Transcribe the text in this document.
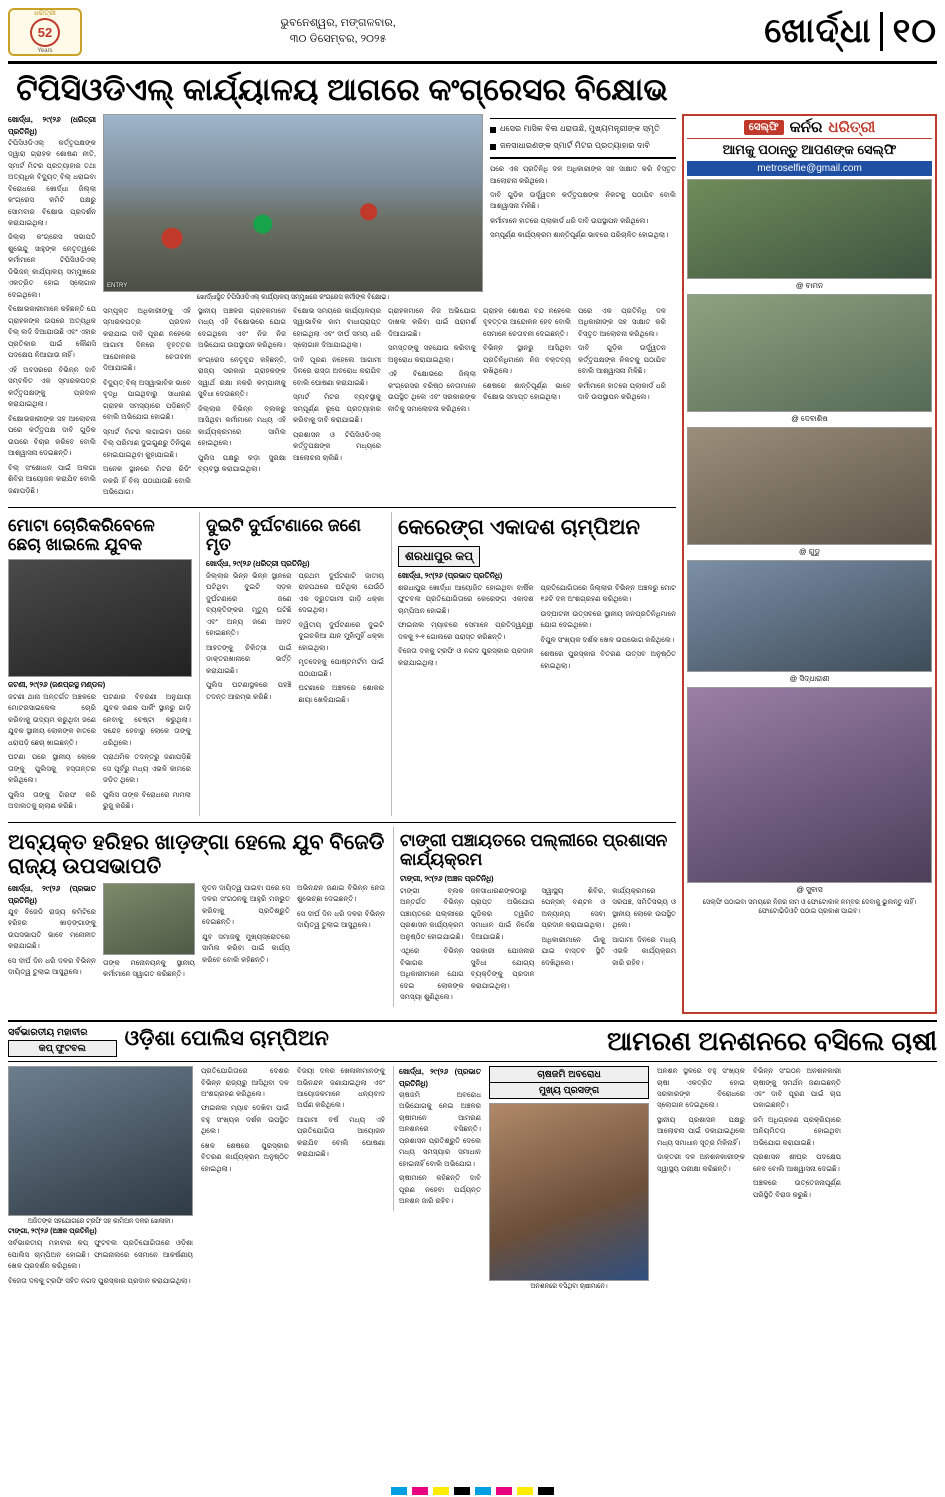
ଧରିତ୍ରୀ
52
Years
ଭୁବନେଶ୍ୱର, ମଙ୍ଗଳବାର,
୩୦ ଡିସେମ୍ବର, ୨୦୨୫	ଖୋର୍ଦ୍ଧା ୧୦
ଟିପିସିଓଡିଏଲ୍ କାର୍ଯ୍ୟାଳୟ ଆଗରେ କଂଗ୍ରେସର ବିକ୍ଷୋଭ
ଖୋର୍ଦ୍ଧା, ୨୯(୨୬ (ଧରିତ୍ରୀ ପ୍ରତିନିଧି)

ଟିପିସିଓଡିଏଲ୍ କର୍ତ୍ତୃପକ୍ଷଙ୍କ ଦ୍ୱାରା ଗ୍ରାହକ ଶୋଷଣ ନୀତି, ସ୍ମାର୍ଟ ମିଟର ପ୍ରତ୍ୟାହାର ତଥା ଅତ୍ୟଧିକ ବିଦ୍ୟୁତ୍ ବିଲ୍ ଧରାଇବା ବିରୋଧରେ ଖୋର୍ଦ୍ଧା ଜିଲ୍ଲା କଂଗ୍ରେସ କମିଟି ପକ୍ଷରୁ ସୋମବାର ବିକ୍ଷୋଭ ପ୍ରଦର୍ଶନ କରାଯାଇଥିଲା।

ଜିଲ୍ଲା କଂଗ୍ରେସ ସଭାପତି ଶୁଭେନ୍ଦୁ ସାହୁଙ୍କ ନେତୃତ୍ୱରେ କର୍ମୀମାନେ ଟିପିସିଓଡିଏଲ୍ ଡିଭିଜନ୍ କାର୍ଯ୍ୟାଳୟ ସମ୍ମୁଖରେ ଏକତ୍ରିତ ହୋଇ ସ୍ଲୋଗାନ ଦେଇଥିଲେ।

ବିକ୍ଷୋଭକାରୀମାନେ କହିଛନ୍ତି ଯେ ଗ୍ରାହକଙ୍କ ଉପରେ ଅତ୍ୟଧିକ ବିଲ୍ ଲଦି ଦିଆଯାଉଛି ଏବଂ ଏହାର ପ୍ରତିକାର ପାଇଁ କୌଣସି ପଦକ୍ଷେପ ନିଆଯାଉ ନାହିଁ।

ଏହି ଅବସରରେ ବିଭିନ୍ନ ଦାବି ସମ୍ବଳିତ ଏକ ସ୍ମାରକପତ୍ର କର୍ତ୍ତୃପକ୍ଷଙ୍କୁ ପ୍ରଦାନ କରାଯାଇଥିଲା।

ବିକ୍ଷୋଭକାରୀଙ୍କ ସହ ଆଲୋଚନା ପରେ କର୍ତ୍ତୃପକ୍ଷ ଦାବି ଗୁଡ଼ିକ ଉପରେ ବିଚାର କରିବେ ବୋଲି ଆଶ୍ୱାସନା ଦେଇଛନ୍ତି।

ବିଲ୍ ସଂଶୋଧନ ପାଇଁ ଅଲଗା ଶିବିର ଆୟୋଜନ କରାଯିବ ବୋଲି ଜଣାପଡ଼ିଛି।

ENTRY
ଖୋର୍ଦ୍ଧାସ୍ଥିତ ଟିପିସିଓଡିଏଲ୍ କାର୍ଯ୍ୟାଳୟ ସମ୍ମୁଖରେ କଂଗ୍ରେସ କର୍ମୀଙ୍କ ବିକ୍ଷୋଭ।
ଧସେର ମାସିକ ବିଲ ଧରାଉଛି, ମୁଖ୍ୟମନ୍ତ୍ରୀଙ୍କ ସ୍ମୃତି
ଜନସାଧାରଣଙ୍କ ସ୍ମାର୍ଟ ମିଟର ପ୍ରତ୍ୟାହାର ଦାବି

ପରେ ଏକ ପ୍ରତିନିଧି ଦଳ ଅଧିକାରୀଙ୍କ ସହ ସାକ୍ଷାତ କରି ବିସ୍ତୃତ ଆଲୋଚନା କରିଥିଲେ।

ଦାବି ଗୁଡ଼ିକ ଊର୍ଦ୍ଧ୍ୱତନ କର୍ତ୍ତୃପକ୍ଷଙ୍କ ନିକଟକୁ ପଠାଯିବ ବୋଲି ଆଶ୍ୱାସନା ମିଳିଛି।

କର୍ମୀମାନେ ହାତରେ ପ୍ଲାକାର୍ଡ ଧରି ଦାବି ଉପସ୍ଥାପନ କରିଥିଲେ।

ସମ୍ପୂର୍ଣ୍ଣ କାର୍ଯ୍ୟକ୍ରମ ଶାନ୍ତିପୂର୍ଣ୍ଣ ଭାବରେ ପରିଚାଳିତ ହୋଇଥିଲା।

ସମ୍ପୃକ୍ତ ଅଧିକାରୀଙ୍କୁ ଏହି ସ୍ମାରକପତ୍ର ପ୍ରଦାନ କରାଯାଇ ଦାବି ପୂରଣ ନହେଲେ ଆଗାମୀ ଦିନରେ ବୃହତ୍ତର ଆନ୍ଦୋଳନର ଚେତାବନୀ ଦିଆଯାଇଛି।

ବିଦ୍ୟୁତ୍ ବିଲ୍ ଅସ୍ୱାଭାବିକ ଭାବେ ବୃଦ୍ଧି ପାଇଥିବାରୁ ସାଧାରଣ ଗ୍ରାହକ ସମସ୍ୟାରେ ପଡ଼ିଛନ୍ତି ବୋଲି ଅଭିଯୋଗ ହୋଇଛି।

ସ୍ମାର୍ଟ ମିଟର ଲଗାଇବା ପରେ ବିଲ୍ ପରିମାଣ ଦୁଇଗୁଣରୁ ତିନିଗୁଣ ହୋଇଯାଇଥିବା କୁହାଯାଇଛି।

ଅନେକ ସ୍ଥାନରେ ମିଟର ରିଡିଂ ନକରି ହିଁ ବିଲ୍ ପଠାଯାଉଛି ବୋଲି ଅଭିଯୋଗ।

ସ୍ଥାନୀୟ ଅଞ୍ଚଳର ଗ୍ରାହକମାନେ ମଧ୍ୟ ଏହି ବିକ୍ଷୋଭରେ ଯୋଗ ଦେଇଥିଲେ ଏବଂ ନିଜ ନିଜ ଅଭିଯୋଗ ଉପସ୍ଥାପନ କରିଥିଲେ।

କଂଗ୍ରେସ ନେତୃବୃନ୍ଦ କହିଛନ୍ତି, ରାଜ୍ୟ ସରକାର ଗ୍ରାହକଙ୍କ ସ୍ୱାର୍ଥ ରକ୍ଷା ନକରି କମ୍ପାନୀକୁ ସୁବିଧା ଦେଉଛନ୍ତି।

ଜିଲ୍ଲାର ବିଭିନ୍ନ ବ୍ଲକରୁ ଆସିଥିବା କର୍ମୀମାନେ ମଧ୍ୟ ଏହି କାର୍ଯ୍ୟକ୍ରମରେ ସାମିଲ ହୋଇଥିଲେ।

ପୁଲିସ ପକ୍ଷରୁ କଡ଼ା ସୁରକ୍ଷା ବ୍ୟବସ୍ଥା କରାଯାଇଥିଲା।

ବିକ୍ଷୋଭ ସମୟରେ କାର୍ଯ୍ୟାଳୟର ସ୍ୱାଭାବିକ କାମ ବାଧାପ୍ରାପ୍ତ ହୋଇଥିଲା ଏବଂ ଦୀର୍ଘ ସମୟ ଧରି ସ୍ଲୋଗାନ ଦିଆଯାଇଥିଲା।

ଦାବି ପୂରଣ ନହେଲେ ଆଗାମୀ ଦିନରେ ରାସ୍ତା ଅବରୋଧ କରାଯିବ ବୋଲି ଘୋଷଣା କରାଯାଇଛି।

ସ୍ମାର୍ଟ ମିଟର ବ୍ୟବସ୍ଥାକୁ ସମ୍ପୂର୍ଣ୍ଣ ରୂପେ ପ୍ରତ୍ୟାହାର କରିବାକୁ ଦାବି କରାଯାଇଛି।

ପ୍ରଶାସନ ଓ ଟିପିସିଓଡିଏଲ୍ କର୍ତ୍ତୃପକ୍ଷଙ୍କ ମଧ୍ୟରେ ଆଲୋଚନା ଚାଲିଛି।

ଗ୍ରାହକମାନେ ନିଜ ଅଭିଯୋଗ ଦାଖଲ କରିବା ପାଇଁ ପରାମର୍ଶ ଦିଆଯାଇଛି।

ସମସ୍ତଙ୍କୁ ସହଯୋଗ କରିବାକୁ ଅନୁରୋଧ କରାଯାଇଥିଲା।

ଏହି ବିକ୍ଷୋଭରେ ଜିଲ୍ଲା କଂଗ୍ରେସର ବରିଷ୍ଠ ନେତାମାନେ ଉପସ୍ଥିତ ଥିଲେ ଏବଂ ସରକାରଙ୍କ ନୀତିକୁ ସମାଲୋଚନା କରିଥିଲେ।

ଗ୍ରାହକ ଶୋଷଣ ବନ୍ଦ ନହେଲେ ବୃହତ୍ତର ଆନ୍ଦୋଳନ ହେବ ବୋଲି ସେମାନେ ଚେତାବନୀ ଦେଇଛନ୍ତି।

ବିଭିନ୍ନ ସ୍ଥାନରୁ ଆସିଥିବା ପ୍ରତିନିଧିମାନେ ନିଜ ବକ୍ତବ୍ୟ ରଖିଥିଲେ।

ଶେଷରେ ଶାନ୍ତିପୂର୍ଣ୍ଣ ଭାବେ ବିକ୍ଷୋଭ ସମାପ୍ତ ହୋଇଥିଲା।

ପରେ ଏକ ପ୍ରତିନିଧି ଦଳ ଅଧିକାରୀଙ୍କ ସହ ସାକ୍ଷାତ କରି ବିସ୍ତୃତ ଆଲୋଚନା କରିଥିଲେ।

ଦାବି ଗୁଡ଼ିକ ଊର୍ଦ୍ଧ୍ୱତନ କର୍ତ୍ତୃପକ୍ଷଙ୍କ ନିକଟକୁ ପଠାଯିବ ବୋଲି ଆଶ୍ୱାସନା ମିଳିଛି।

କର୍ମୀମାନେ ହାତରେ ପ୍ଲାକାର୍ଡ ଧରି ଦାବି ଉପସ୍ଥାପନ କରିଥିଲେ।

ମୋଟା ଚୋରିକରିବେଳେ ଛେଚା ଖାଇଲେ ଯୁବକ
ଜଟଣୀ, ୨୯(୨୬ (ଜଣପ୍ରସ୍ଥ ମଣ୍ଡଳ)

ଜଟଣୀ ଥାନା ଅନ୍ତର୍ଗତ ଅଞ୍ଚଳରେ ମୋଟରସାଇକେଲ ଚୋରି କରିବାକୁ ଉଦ୍ୟମ କରୁଥିବା ଜଣେ ଯୁବକ ସ୍ଥାନୀୟ ଲୋକଙ୍କ ହାତରେ ଧରାପଡ଼ି ଛେଚା ଖାଇଛନ୍ତି।

ଘଟଣା ପରେ ସ୍ଥାନୀୟ ଲୋକେ ତାଙ୍କୁ ପୁଲିସକୁ ହସ୍ତାନ୍ତର କରିଥିଲେ।

ପୁଲିସ ତାଙ୍କୁ ଗିରଫ କରି ଅଦାଲତକୁ ଚାଲାଣ କରିଛି।

ଘଟଣାର ବିବରଣୀ ଅନୁଯାୟୀ ଯୁବକ ଜଣକ ପାର୍କିଂ ସ୍ଥାନରୁ ଗାଡ଼ି ନେବାକୁ ଚେଷ୍ଟା କରୁଥିଲା। ସନ୍ଦେହ ହେବାରୁ ଲୋକେ ତାଙ୍କୁ ଧରିଥିଲେ।

ପ୍ରାଥମିକ ତଦନ୍ତରୁ ଜଣାପଡ଼ିଛି ସେ ପୂର୍ବରୁ ମଧ୍ୟ ଏଭଳି କାମରେ ଜଡ଼ିତ ଥିଲେ।

ପୁଲିସ ତାଙ୍କ ବିରୋଧରେ ମାମଲା ରୁଜୁ କରିଛି।

ଦୁଇଟି ଦୁର୍ଘଟଣାରେ ଜଣେ ମୃତ
ଖୋର୍ଦ୍ଧା, ୨୯(୨୬ (ଧରିତ୍ରୀ ପ୍ରତିନିଧି)

ଜିଲ୍ଲାର ଭିନ୍ନ ଭିନ୍ନ ସ୍ଥାନରେ ଘଟିଥିବା ଦୁଇଟି ସଡ଼କ ଦୁର୍ଘଟଣାରେ ଜଣେ ବ୍ୟକ୍ତିଙ୍କର ମୃତ୍ୟୁ ଘଟିଛି ଏବଂ ଅନ୍ୟ ଜଣେ ଆହତ ହୋଇଛନ୍ତି।

ଆହତଙ୍କୁ ଚିକିତ୍ସା ପାଇଁ ଡାକ୍ତରଖାନାରେ ଭର୍ତ୍ତି କରାଯାଇଛି।

ପୁଲିସ ଘଟଣାସ୍ଥଳରେ ପହଞ୍ଚି ତଦନ୍ତ ଆରମ୍ଭ କରିଛି।

ପ୍ରଥମ ଦୁର୍ଘଟଣାଟି ଜାତୀୟ ରାଜପଥରେ ଘଟିଥିଲା ଯେଉଁଠି ଏକ ଦ୍ରୁତଗାମୀ ଗାଡ଼ି ଧକ୍କା ଦେଇଥିଲା।

ଦ୍ୱିତୀୟ ଦୁର୍ଘଟଣାରେ ଦୁଇଟି ଦୁଇଚକିଆ ଯାନ ମୁହାଁମୁହିଁ ଧକ୍କା ହୋଇଥିଲା।

ମୃତଦେହକୁ ପୋଷ୍ଟମର୍ଟମ ପାଇଁ ପଠାଯାଇଛି।

ଘଟଣାରେ ଅଞ୍ଚଳରେ ଶୋକର ଛାୟା ଖେଳିଯାଇଛି।

କେରେଙ୍ଗ ଏକାଦଶ ଚାମ୍ପିଅନ
ଶରଧାପୁର କପ୍
ଖୋର୍ଦ୍ଧା, ୨୯(୨୬ (ପ୍ରଭାତ ପ୍ରତିନିଧି)

ଶରଧାପୁର ଖୋର୍ଦ୍ଧା ଆୟୋଜିତ ହୋଇଥିବା ବାର୍ଷିକ ଫୁଟବଲ ପ୍ରତିଯୋଗିତାରେ କେରେଙ୍ଗ ଏକାଦଶ ଚାମ୍ପିଅନ ହୋଇଛି।

ଫାଇନାଲ ମ୍ୟାଚରେ ସେମାନେ ପ୍ରତିଦ୍ୱନ୍ଦ୍ୱୀ ଦଳକୁ ୨-୧ ଗୋଲରେ ପରାସ୍ତ କରିଛନ୍ତି।

ବିଜେତା ଦଳକୁ ଟ୍ରଫି ଓ ନଗଦ ପୁରସ୍କାର ପ୍ରଦାନ କରାଯାଇଥିଲା।

ପ୍ରତିଯୋଗିତାରେ ଜିଲ୍ଲାର ବିଭିନ୍ନ ଅଞ୍ଚଳରୁ ମୋଟ ୧୬ଟି ଦଳ ଅଂଶଗ୍ରହଣ କରିଥିଲେ।

ଉଦ୍‌ଘାଟନୀ ଉତ୍ସବରେ ସ୍ଥାନୀୟ ଜନପ୍ରତିନିଧିମାନେ ଯୋଗ ଦେଇଥିଲେ।

ବିପୁଳ ସଂଖ୍ୟକ ଦର୍ଶକ ଖେଳ ଉପଭୋଗ କରିଥିଲେ।

ଶେଷରେ ପୁରସ୍କାର ବିତରଣ ଉତ୍ସବ ଅନୁଷ୍ଠିତ ହୋଇଥିଲା।

ଅବ୍ୟକ୍ତ ହରିହର ଖାଡ଼ଙ୍ଗା ହେଲେ ଯୁବ ବିଜେଡି ରାଜ୍ୟ ଉପସଭାପତି
ଖୋର୍ଦ୍ଧା, ୨୯(୨୬ (ପ୍ରଭାତ ପ୍ରତିନିଧି)

ଯୁବ ବିଜେଡି ରାଜ୍ୟ କମିଟିରେ ହରିହର ଖାଡ଼ଙ୍ଗାଙ୍କୁ ଉପସଭାପତି ଭାବେ ମନୋନୀତ କରାଯାଇଛି।

ସେ ଦୀର୍ଘ ଦିନ ଧରି ଦଳର ବିଭିନ୍ନ ଦାୟିତ୍ୱ ତୁଲାଇ ଆସୁଥିଲେ।

ତାଙ୍କ ମନୋନୟନକୁ ସ୍ଥାନୀୟ କର୍ମୀମାନେ ସ୍ୱାଗତ କରିଛନ୍ତି।

ନୂତନ ଦାୟିତ୍ୱ ପାଇବା ପରେ ସେ ଦଳର ସଂଗଠନକୁ ଆହୁରି ମଜଭୁତ କରିବାକୁ ପ୍ରତିଶ୍ରୁତି ଦେଇଛନ୍ତି।

ଯୁବ ସମାଜକୁ ମୁଖ୍ୟସ୍ରୋତରେ ସାମିଲ କରିବା ପାଇଁ କାର୍ଯ୍ୟ କରିବେ ବୋଲି କହିଛନ୍ତି।

ଅଭିନନ୍ଦନ ଜଣାଇ ବିଭିନ୍ନ ନେତା ଶୁଭେଚ୍ଛା ଦେଇଛନ୍ତି।

ସେ ଦୀର୍ଘ ଦିନ ଧରି ଦଳର ବିଭିନ୍ନ ଦାୟିତ୍ୱ ତୁଲାଇ ଆସୁଥିଲେ।

ଟାଙ୍ଗୀ ପଞ୍ଚାୟତରେ ପଲ୍ଲୀରେ ପ୍ରଶାସନ କାର୍ଯ୍ୟକ୍ରମ
ଟାଙ୍ଗୀ, ୨୯(୨୬ (ଅଞ୍ଚଳ ପ୍ରତିନିଧି)

ଟାଙ୍ଗୀ ବ୍ଲକ ଅନ୍ତର୍ଗତ ବିଭିନ୍ନ ପଞ୍ଚାୟତରେ ପଲ୍ଲୀରେ ପ୍ରଶାସନ କାର୍ଯ୍ୟକ୍ରମ ଅନୁଷ୍ଠିତ ହୋଇଯାଇଛି।

ଏଥିରେ ବିଭିନ୍ନ ବିଭାଗର ଅଧିକାରୀମାନେ ଯୋଗ ଦେଇ ଲୋକଙ୍କ ସମସ୍ୟା ଶୁଣିଥିଲେ।

ଜନସାଧାରଣଙ୍କଠାରୁ ପ୍ରାପ୍ତ ଅଭିଯୋଗ ଗୁଡ଼ିକର ତ୍ୱରିତ ସମାଧାନ ପାଇଁ ନିର୍ଦ୍ଦେଶ ଦିଆଯାଇଛି।

ସରକାରୀ ଯୋଜନାର ସୁବିଧା ଯୋଗ୍ୟ ବ୍ୟକ୍ତିଙ୍କୁ ପ୍ରଦାନ କରାଯାଇଥିଲା।

ସ୍ୱାସ୍ଥ୍ୟ ଶିବିର, ପେନ୍‌ସନ୍ ବଣ୍ଟନ ଓ ଅନ୍ୟାନ୍ୟ ସେବା ପ୍ରଦାନ କରାଯାଇଥିଲା।

ଅଧିକାରୀମାନେ ଗାଁକୁ ଯାଇ ବାସ୍ତବ ସ୍ଥିତି ଦେଖିଥିଲେ।

କାର୍ଯ୍ୟକ୍ରମରେ ସରପଞ୍ଚ, ସମିତିସଭ୍ୟ ଓ ସ୍ଥାନୀୟ ଲୋକେ ଉପସ୍ଥିତ ଥିଲେ।

ଆଗାମୀ ଦିନରେ ମଧ୍ୟ ଏଭଳି କାର୍ଯ୍ୟକ୍ରମ ଜାରି ରହିବ।

ସେଲ୍‌ଫି କର୍ନର ଧରିତ୍ରୀ
ଆମକୁ ପଠାନ୍ତୁ ଆପଣଙ୍କ ସେଲ୍‌ଫି
metroselfie@gmail.com
@ ବାମନ
@ ଦେବାଶିଷ
@ ଗୁଡୁ
@ ସିଦ୍ଧାରାଶୀ
@ ସୁବାସ
ସେଲ୍‌ଫି ପଠାଇବା ସମୟରେ ନିଜର ନାମ ଓ ଫୋଟୋକାଳ ନମ୍ବର ଦେବାକୁ ଭୁଲନ୍ତୁ ନାହିଁ। ଫୋଟୋଭିଡିଓଟି ପଠାଇ ପ୍ରକାଶ ପାଇବ।
ସର୍ବଭାରତୀୟ ମହାବୀର
କପ୍ ଫୁଟବଲ	ଓଡ଼ିଶା ପୋଲିସ ଚାମ୍ପିଅନ	ଆମରଣ ଅନଶନରେ ବସିଲେ ଚାଷୀ
ଅଜିତଙ୍କ ସହଯୋଗରେ ଟ୍ରଫି ସହ କାମିଅନ ଦଳର ଖେଳାଳୀ।
ଟାଙ୍ଗୀ, ୨୯(୨୬ (ଅଞ୍ଚଳ ପ୍ରତିନିଧି)

ସର୍ବଭାରତୀୟ ମହାବୀର କପ୍ ଫୁଟବଲ ପ୍ରତିଯୋଗିତାରେ ଓଡ଼ିଶା ପୋଲିସ ଚାମ୍ପିଅନ ହୋଇଛି। ଫାଇନାଲରେ ସେମାନେ ଆକର୍ଷଣୀୟ ଖେଳ ପ୍ରଦର୍ଶନ କରିଥିଲେ।

ବିଜେତା ଦଳକୁ ଟ୍ରଫି ସହିତ ନଗଦ ପୁରସ୍କାର ପ୍ରଦାନ କରାଯାଇଥିଲା।

ପ୍ରତିଯୋଗିତାରେ ଦେଶର ବିଭିନ୍ନ ରାଜ୍ୟରୁ ଆସିଥିବା ଦଳ ଅଂଶଗ୍ରହଣ କରିଥିଲେ।

ଫାଇନାଲ ମ୍ୟାଚ ଦେଖିବା ପାଇଁ ବହୁ ସଂଖ୍ୟକ ଦର୍ଶକ ଉପସ୍ଥିତ ଥିଲେ।

ଖେଳ ଶେଷରେ ପୁରସ୍କାର ବିତରଣ କାର୍ଯ୍ୟକ୍ରମ ଅନୁଷ୍ଠିତ ହୋଇଥିଲା।

ବିଜୟୀ ଦଳର ଖେଳାଳୀମାନଙ୍କୁ ଅଭିନନ୍ଦନ ଜଣାଯାଇଥିଲା ଏବଂ ଆୟୋଜକମାନେ ଧନ୍ୟବାଦ ଅର୍ପଣ କରିଥିଲେ।

ଆଗାମୀ ବର୍ଷ ମଧ୍ୟ ଏହି ପ୍ରତିଯୋଗିତା ଆୟୋଜନ କରାଯିବ ବୋଲି ଘୋଷଣା କରାଯାଇଛି।

ଖୋର୍ଦ୍ଧା, ୨୯(୨୬ (ପ୍ରଭାତ ପ୍ରତିନିଧି)

ଚାଷଜମି ଅବରୋଧ ଅଭିଯୋଗକୁ ନେଇ ଅଞ୍ଚଳର ଚାଷୀମାନେ ଆମରଣ ଅନଶନରେ ବସିଛନ୍ତି। ପ୍ରଶାସନ ପ୍ରତିଶ୍ରୁତି ଦେଲେ ମଧ୍ୟ ସମସ୍ୟାର ସମାଧାନ ହୋଇନାହିଁ ବୋଲି ଅଭିଯୋଗ।

ଚାଷୀମାନେ କହିଛନ୍ତି ଦାବି ପୂରଣ ନହେବା ପର୍ଯ୍ୟନ୍ତ ଅନଶନ ଜାରି ରହିବ।

ଚାଷଜମି ଅବରୋଧ
ମୁଖ୍ୟ ପ୍ରସଙ୍ଗ
ଅନଶନରେ ବସିଥିବା ଚାଷୀମାନେ।

ଅନଶନ ସ୍ଥଳରେ ବହୁ ସଂଖ୍ୟକ ଚାଷୀ ଏକତ୍ରିତ ହୋଇ ସରକାରଙ୍କ ବିରୋଧରେ ସ୍ଲୋଗାନ ଦେଇଥିଲେ।

ସ୍ଥାନୀୟ ପ୍ରଶାସନ ପକ୍ଷରୁ ଆଲୋଚନା ପାଇଁ ଡକାଯାଇଥିଲେ ମଧ୍ୟ ସମାଧାନ ସୂତ୍ର ମିଳିନାହିଁ।

ଡାକ୍ତରୀ ଦଳ ଅନଶନକାରୀଙ୍କ ସ୍ୱାସ୍ଥ୍ୟ ପରୀକ୍ଷା କରିଛନ୍ତି।

ବିଭିନ୍ନ ସଂଗଠନ ଅନଶନକାରୀ ଚାଷୀଙ୍କୁ ସମର୍ଥନ ଜଣାଇଛନ୍ତି ଏବଂ ଦାବି ପୂରଣ ପାଇଁ ଚାପ ପକାଇଛନ୍ତି।

ଜମି ଅଧିଗ୍ରହଣ ପ୍ରକ୍ରିୟାରେ ଅନିୟମିତତା ହୋଇଥିବା ଅଭିଯୋଗ କରାଯାଇଛି।

ପ୍ରଶାସନ ଶୀଘ୍ର ପଦକ୍ଷେପ ନେବ ବୋଲି ଆଶ୍ୱାସନା ଦେଇଛି।

ଅଞ୍ଚଳରେ ଉତ୍ତେଜନାପୂର୍ଣ୍ଣ ପରିସ୍ଥିତି ବିରାଜ କରୁଛି।
